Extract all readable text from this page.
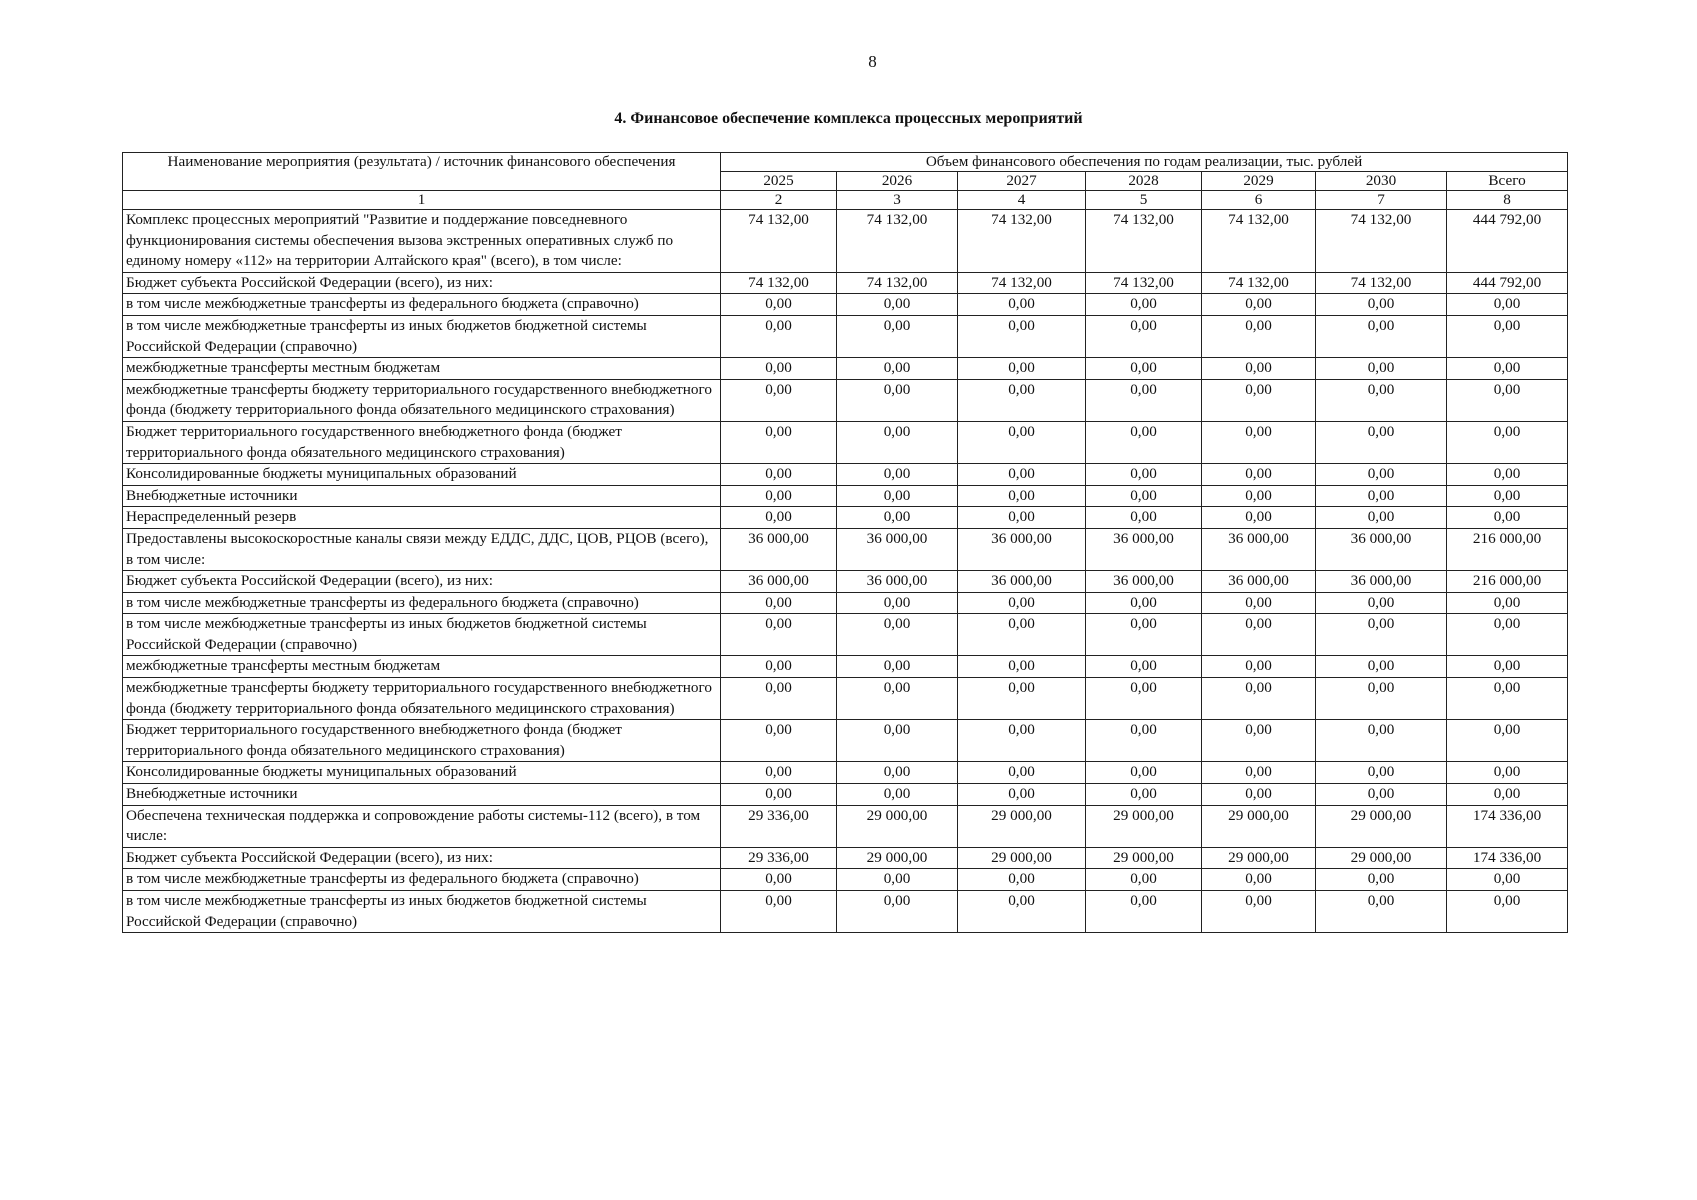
8
4. Финансовое обеспечение комплекса процессных мероприятий
Наименование мероприятия (результата) / источник финансового обеспечения	Объем финансового обеспечения по годам реализации, тыс. рублей						
	2025	2026	2027	2028	2029	2030	Всего
1	2	3	4	5	6	7	8
Комплекс процессных мероприятий "Развитие и поддержание повседневного функционирования системы обеспечения вызова экстренных оперативных служб по единому номеру «112» на территории Алтайского края" (всего), в том числе:	74 132,00	74 132,00	74 132,00	74 132,00	74 132,00	74 132,00	444 792,00
Бюджет субъекта Российской Федерации (всего), из них:	74 132,00	74 132,00	74 132,00	74 132,00	74 132,00	74 132,00	444 792,00
в том числе межбюджетные трансферты из федерального бюджета (справочно)	0,00	0,00	0,00	0,00	0,00	0,00	0,00
в том числе межбюджетные трансферты из иных бюджетов бюджетной системы Российской Федерации (справочно)	0,00	0,00	0,00	0,00	0,00	0,00	0,00
межбюджетные трансферты местным бюджетам	0,00	0,00	0,00	0,00	0,00	0,00	0,00
межбюджетные трансферты бюджету территориального государственного внебюджетного фонда (бюджету территориального фонда обязательного медицинского страхования)	0,00	0,00	0,00	0,00	0,00	0,00	0,00
Бюджет территориального государственного внебюджетного фонда (бюджет территориального фонда обязательного медицинского страхования)	0,00	0,00	0,00	0,00	0,00	0,00	0,00
Консолидированные бюджеты муниципальных образований	0,00	0,00	0,00	0,00	0,00	0,00	0,00
Внебюджетные источники	0,00	0,00	0,00	0,00	0,00	0,00	0,00
Нераспределенный резерв	0,00	0,00	0,00	0,00	0,00	0,00	0,00
Предоставлены высокоскоростные каналы связи между ЕДДС, ДДС, ЦОВ, РЦОВ (всего), в том числе:	36 000,00	36 000,00	36 000,00	36 000,00	36 000,00	36 000,00	216 000,00
Бюджет субъекта Российской Федерации (всего), из них:	36 000,00	36 000,00	36 000,00	36 000,00	36 000,00	36 000,00	216 000,00
в том числе межбюджетные трансферты из федерального бюджета (справочно)	0,00	0,00	0,00	0,00	0,00	0,00	0,00
в том числе межбюджетные трансферты из иных бюджетов бюджетной системы Российской Федерации (справочно)	0,00	0,00	0,00	0,00	0,00	0,00	0,00
межбюджетные трансферты местным бюджетам	0,00	0,00	0,00	0,00	0,00	0,00	0,00
межбюджетные трансферты бюджету территориального государственного внебюджетного фонда (бюджету территориального фонда обязательного медицинского страхования)	0,00	0,00	0,00	0,00	0,00	0,00	0,00
Бюджет территориального государственного внебюджетного фонда (бюджет территориального фонда обязательного медицинского страхования)	0,00	0,00	0,00	0,00	0,00	0,00	0,00
Консолидированные бюджеты муниципальных образований	0,00	0,00	0,00	0,00	0,00	0,00	0,00
Внебюджетные источники	0,00	0,00	0,00	0,00	0,00	0,00	0,00
Обеспечена техническая поддержка и сопровождение работы системы-112 (всего), в том числе:	29 336,00	29 000,00	29 000,00	29 000,00	29 000,00	29 000,00	174 336,00
Бюджет субъекта Российской Федерации (всего), из них:	29 336,00	29 000,00	29 000,00	29 000,00	29 000,00	29 000,00	174 336,00
в том числе межбюджетные трансферты из федерального бюджета (справочно)	0,00	0,00	0,00	0,00	0,00	0,00	0,00
в том числе межбюджетные трансферты из иных бюджетов бюджетной системы Российской Федерации (справочно)	0,00	0,00	0,00	0,00	0,00	0,00	0,00
